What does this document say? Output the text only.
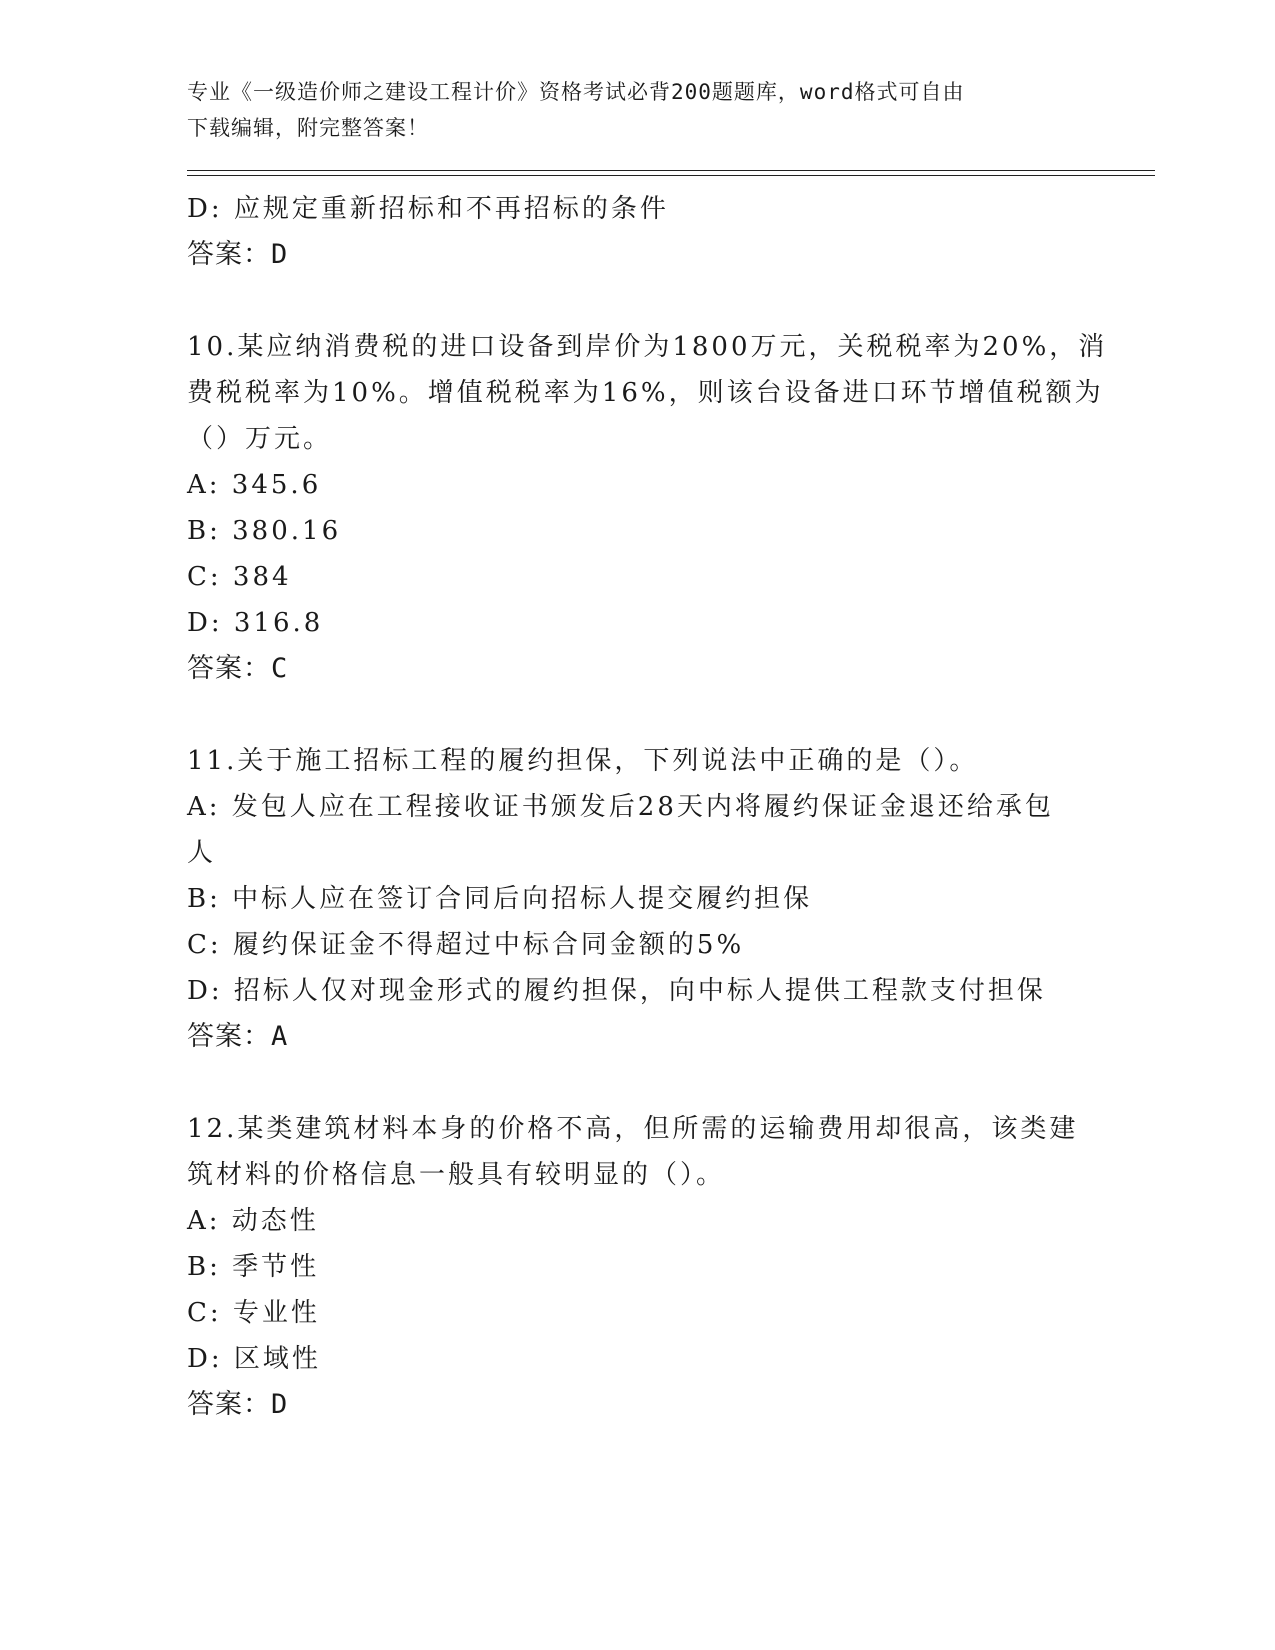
专业《一级造价师之建设工程计价》资格考试必背200题题库，word格式可自由
下载编辑，附完整答案！
D: 应规定重新招标和不再招标的条件
答案：D
10.某应纳消费税的进口设备到岸价为1800万元，关税税率为20%，消
费税税率为10%。增值税税率为16%，则该台设备进口环节增值税额为
（）万元。
A: 345.6
B: 380.16
C: 384
D: 316.8
答案：C
11.关于施工招标工程的履约担保，下列说法中正确的是（）。
A: 发包人应在工程接收证书颁发后28天内将履约保证金退还给承包
人
B: 中标人应在签订合同后向招标人提交履约担保
C: 履约保证金不得超过中标合同金额的5%
D: 招标人仅对现金形式的履约担保，向中标人提供工程款支付担保
答案：A
12.某类建筑材料本身的价格不高，但所需的运输费用却很高，该类建
筑材料的价格信息一般具有较明显的（）。
A: 动态性
B: 季节性
C: 专业性
D: 区域性
答案：D
